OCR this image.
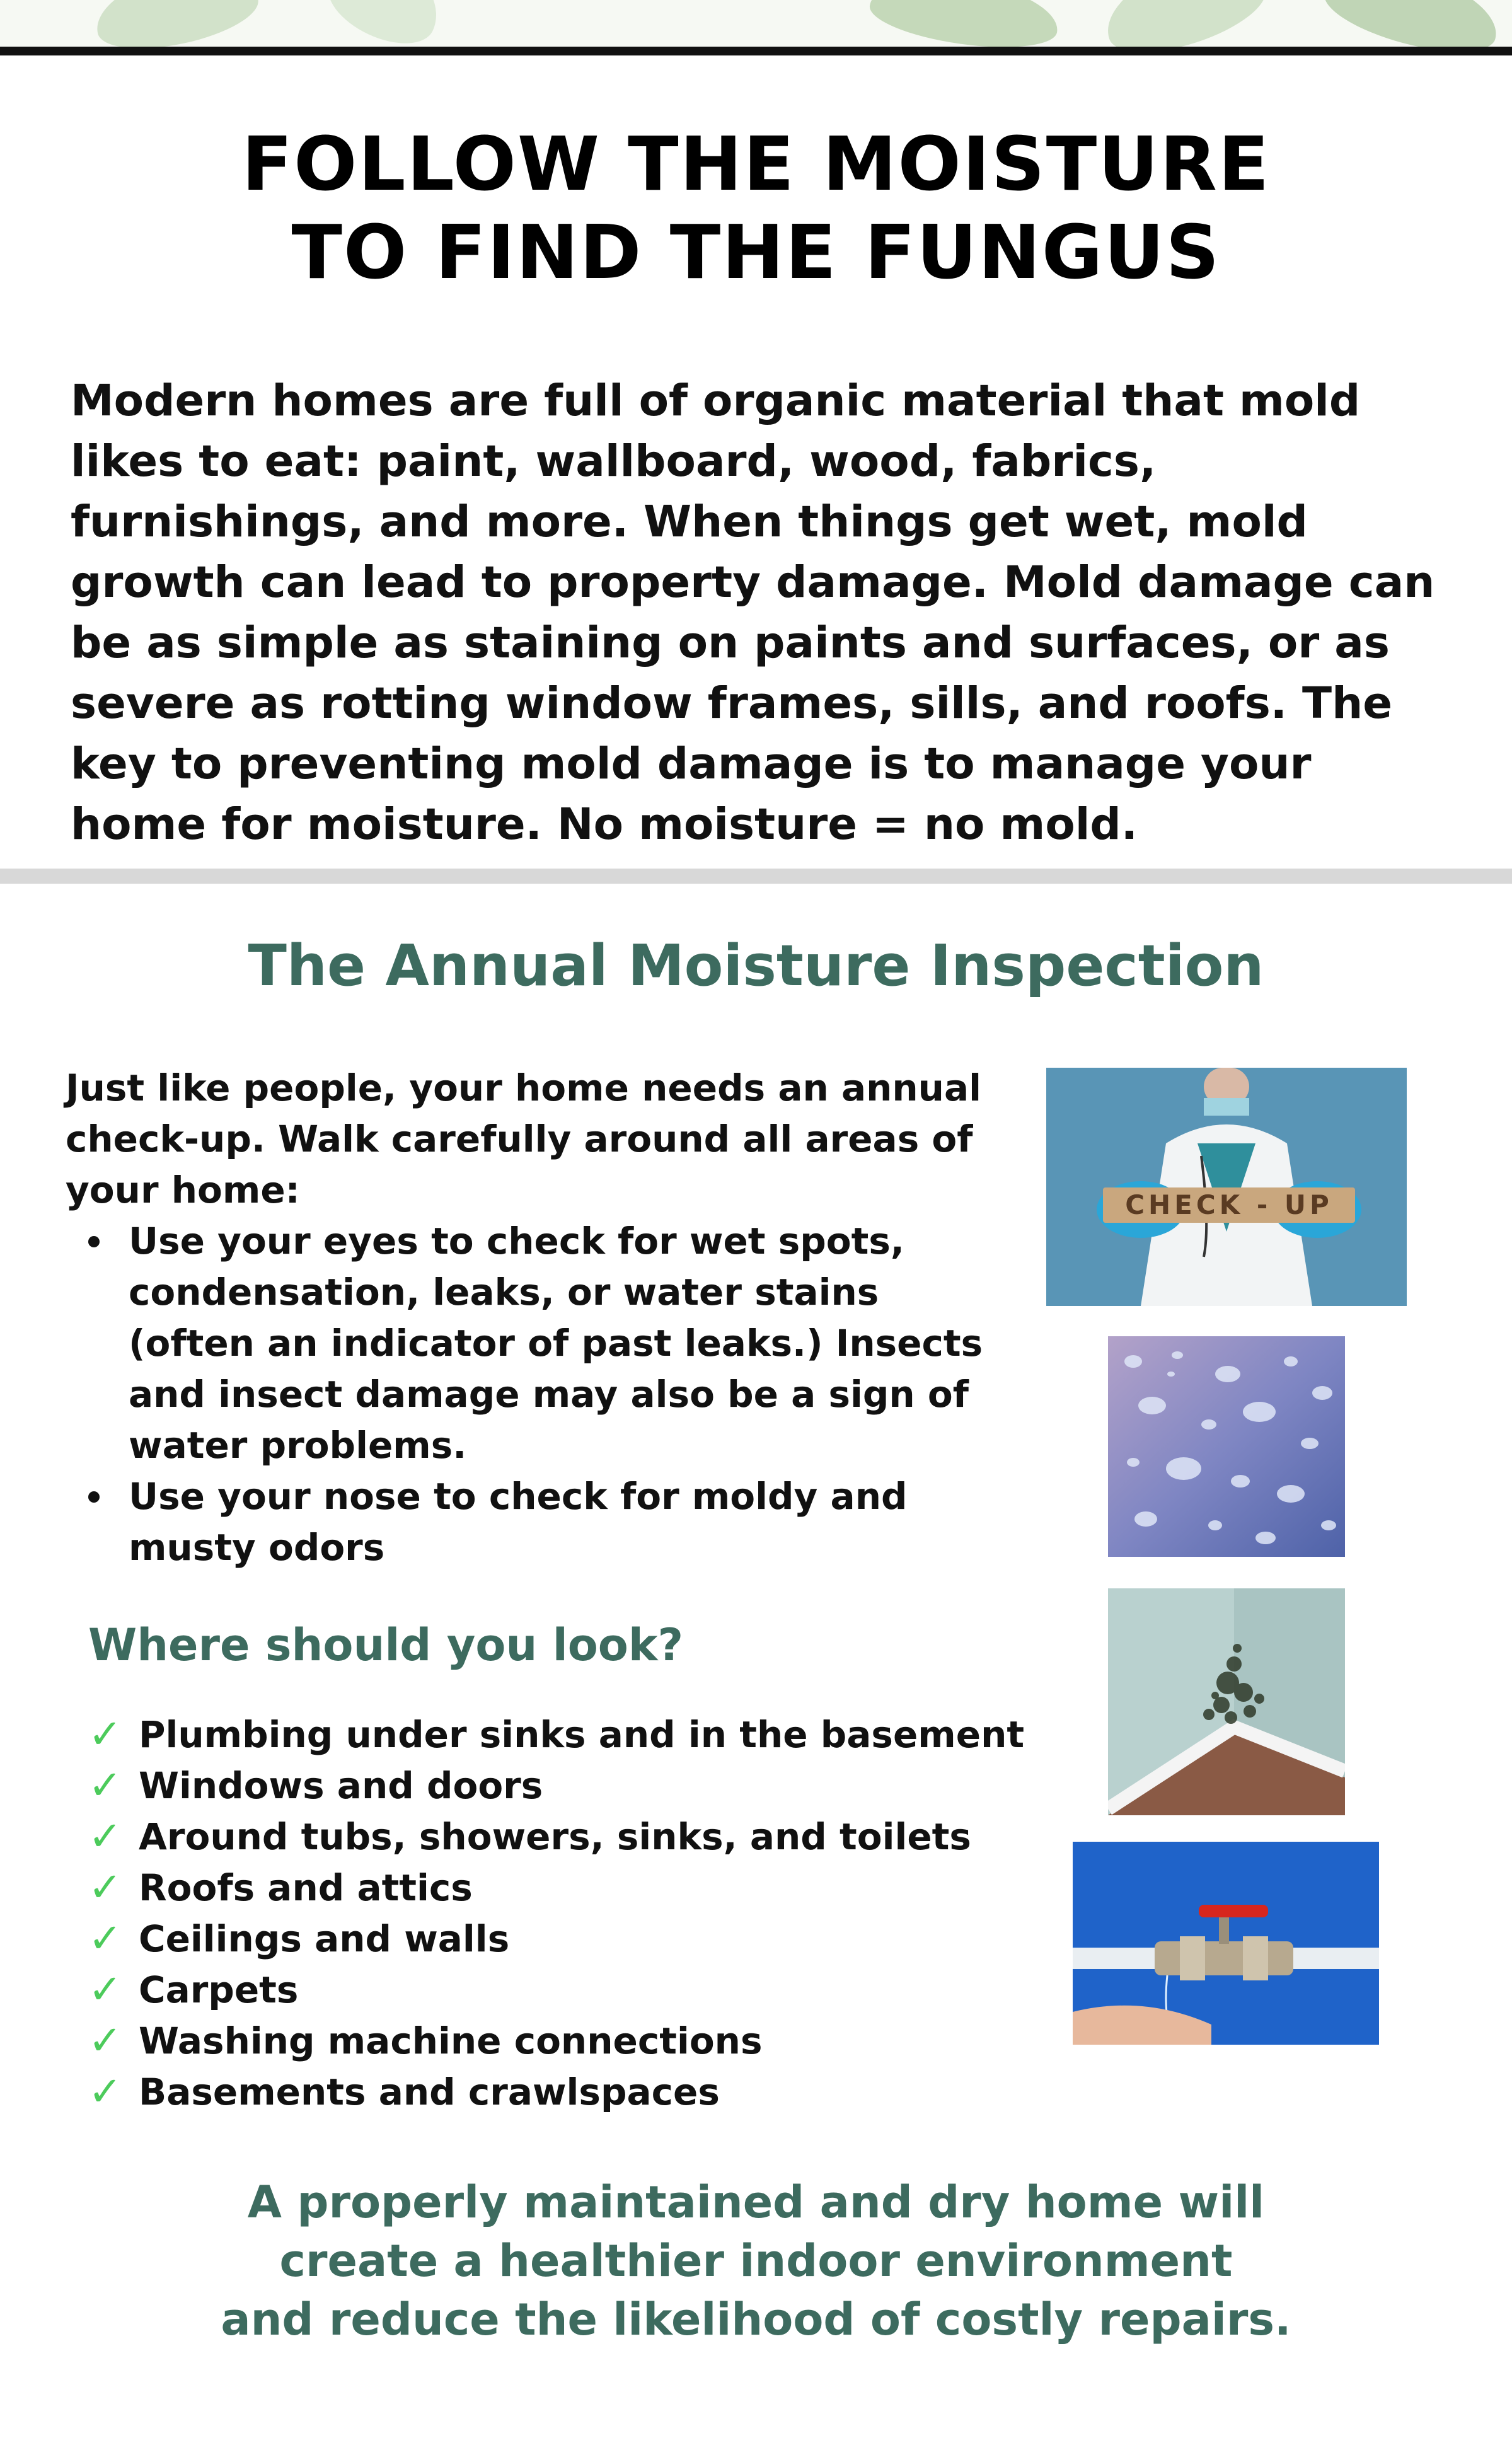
FOLLOW THE MOISTURE
TO FIND THE FUNGUS

Modern homes are full of organic material that mold likes to eat: paint, wallboard, wood, fabrics, furnishings, and more. When things get wet, mold growth can lead to property damage. Mold damage can be as simple as staining on paints and surfaces, or as severe as rotting window frames, sills, and roofs. The key to preventing mold damage is to manage your home for moisture. No moisture = no mold.

The Annual Moisture Inspection

Just like people, your home needs an annual check-up. Walk carefully around all areas of your home:

Use your eyes to check for wet spots, condensation, leaks, or water stains (often an indicator of past leaks.) Insects and insect damage may also be a sign of water problems.
Use your nose to check for moldy and musty odors
Where should you look?
✓ Plumbing under sinks and in the basement
✓ Windows and doors
✓ Around tubs, showers, sinks, and toilets
✓ Roofs and attics
✓ Ceilings and walls
✓ Carpets
✓ Washing machine connections
✓ Basements and crawlspaces
CHECK - UP
A properly maintained and dry home will
create a healthier indoor environment
and reduce the likelihood of costly repairs.
